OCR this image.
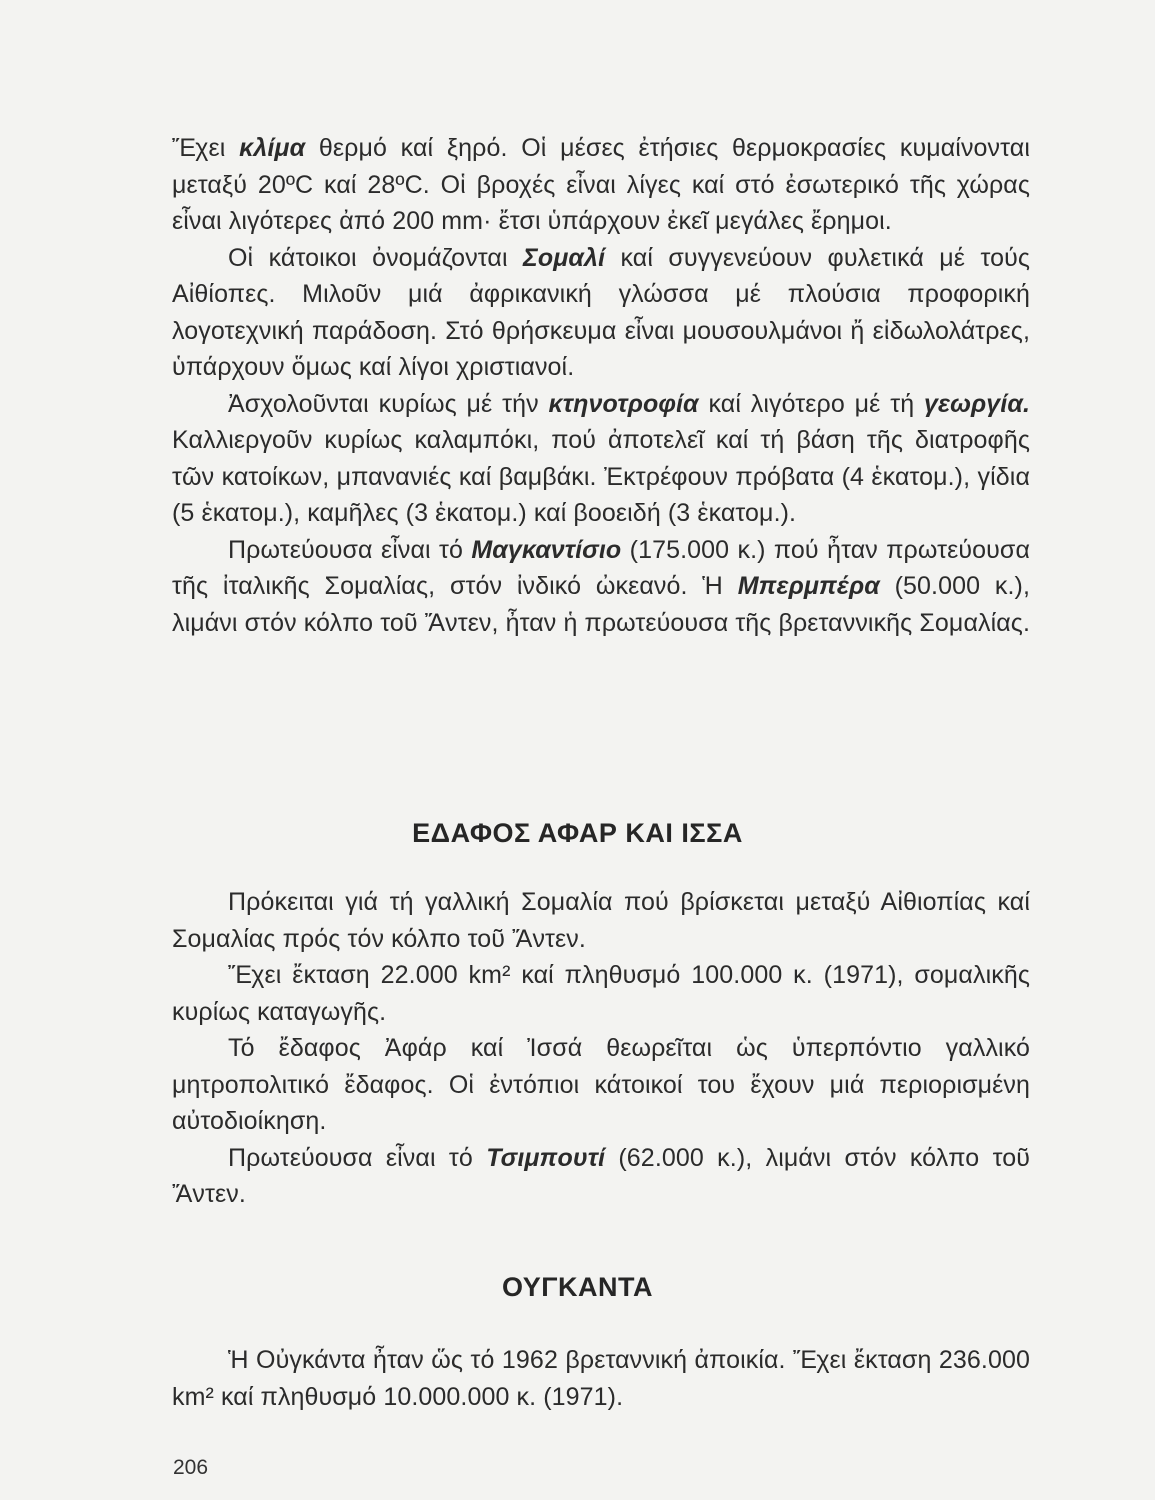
Ἔχει κλίμα θερμό καί ξηρό. Οἱ μέσες ἐτήσιες θερμοκρασίες κυμαίνονται μεταξύ 20ºC καί 28ºC. Οἱ βροχές εἶναι λίγες καί στό ἐσωτερικό τῆς χώρας εἶναι λιγότερες ἀπό 200 mm· ἔτσι ὑπάρχουν ἐκεῖ μεγάλες ἔρημοι.

Οἱ κάτοικοι ὀνομάζονται Σομαλί καί συγγενεύουν φυλετικά μέ τούς Αἰθίοπες. Μιλοῦν μιά ἀφρικανική γλώσσα μέ πλούσια προφορική λογοτεχνική παράδοση. Στό θρήσκευμα εἶναι μουσουλμάνοι ἤ εἰδωλολάτρες, ὑπάρχουν ὅμως καί λίγοι χριστιανοί.

Ἀσχολοῦνται κυρίως μέ τήν κτηνοτροφία καί λιγότερο μέ τή γεωργία. Καλλιεργοῦν κυρίως καλαμπόκι, πού ἀποτελεῖ καί τή βάση τῆς διατροφῆς τῶν κατοίκων, μπανανιές καί βαμβάκι. Ἐκτρέφουν πρόβατα (4 ἑκατομ.), γίδια (5 ἑκατομ.), καμῆλες (3 ἑκατομ.) καί βοοειδή (3 ἑκατομ.).

Πρωτεύουσα εἶναι τό Μαγκαντίσιο (175.000 κ.) πού ἦταν πρωτεύουσα τῆς ἰταλικῆς Σομαλίας, στόν ἰνδικό ὠκεανό. Ἡ Μπερμπέρα (50.000 κ.), λιμάνι στόν κόλπο τοῦ Ἄντεν, ἦταν ἡ πρωτεύουσα τῆς βρεταννικῆς Σομαλίας.

ΕΔΑΦΟΣ ΑΦΑΡ ΚΑΙ ΙΣΣΑ

Πρόκειται γιά τή γαλλική Σομαλία πού βρίσκεται μεταξύ Αἰθιοπίας καί Σομαλίας πρός τόν κόλπο τοῦ Ἄντεν.

Ἔχει ἔκταση 22.000 km² καί πληθυσμό 100.000 κ. (1971), σομαλικῆς κυρίως καταγωγῆς.

Τό ἔδαφος Ἀφάρ καί Ἰσσά θεωρεῖται ὡς ὑπερπόντιο γαλλικό μητροπολιτικό ἔδαφος. Οἱ ἐντόπιοι κάτοικοί του ἔχουν μιά περιορισμένη αὐτοδιοίκηση.

Πρωτεύουσα εἶναι τό Τσιμπουτί (62.000 κ.), λιμάνι στόν κόλπο τοῦ Ἄντεν.

ΟΥΓΚΑΝΤΑ

Ἡ Οὐγκάντα ἦταν ὥς τό 1962 βρεταννική ἀποικία. Ἔχει ἔκταση 236.000 km² καί πληθυσμό 10.000.000 κ. (1971).

206
